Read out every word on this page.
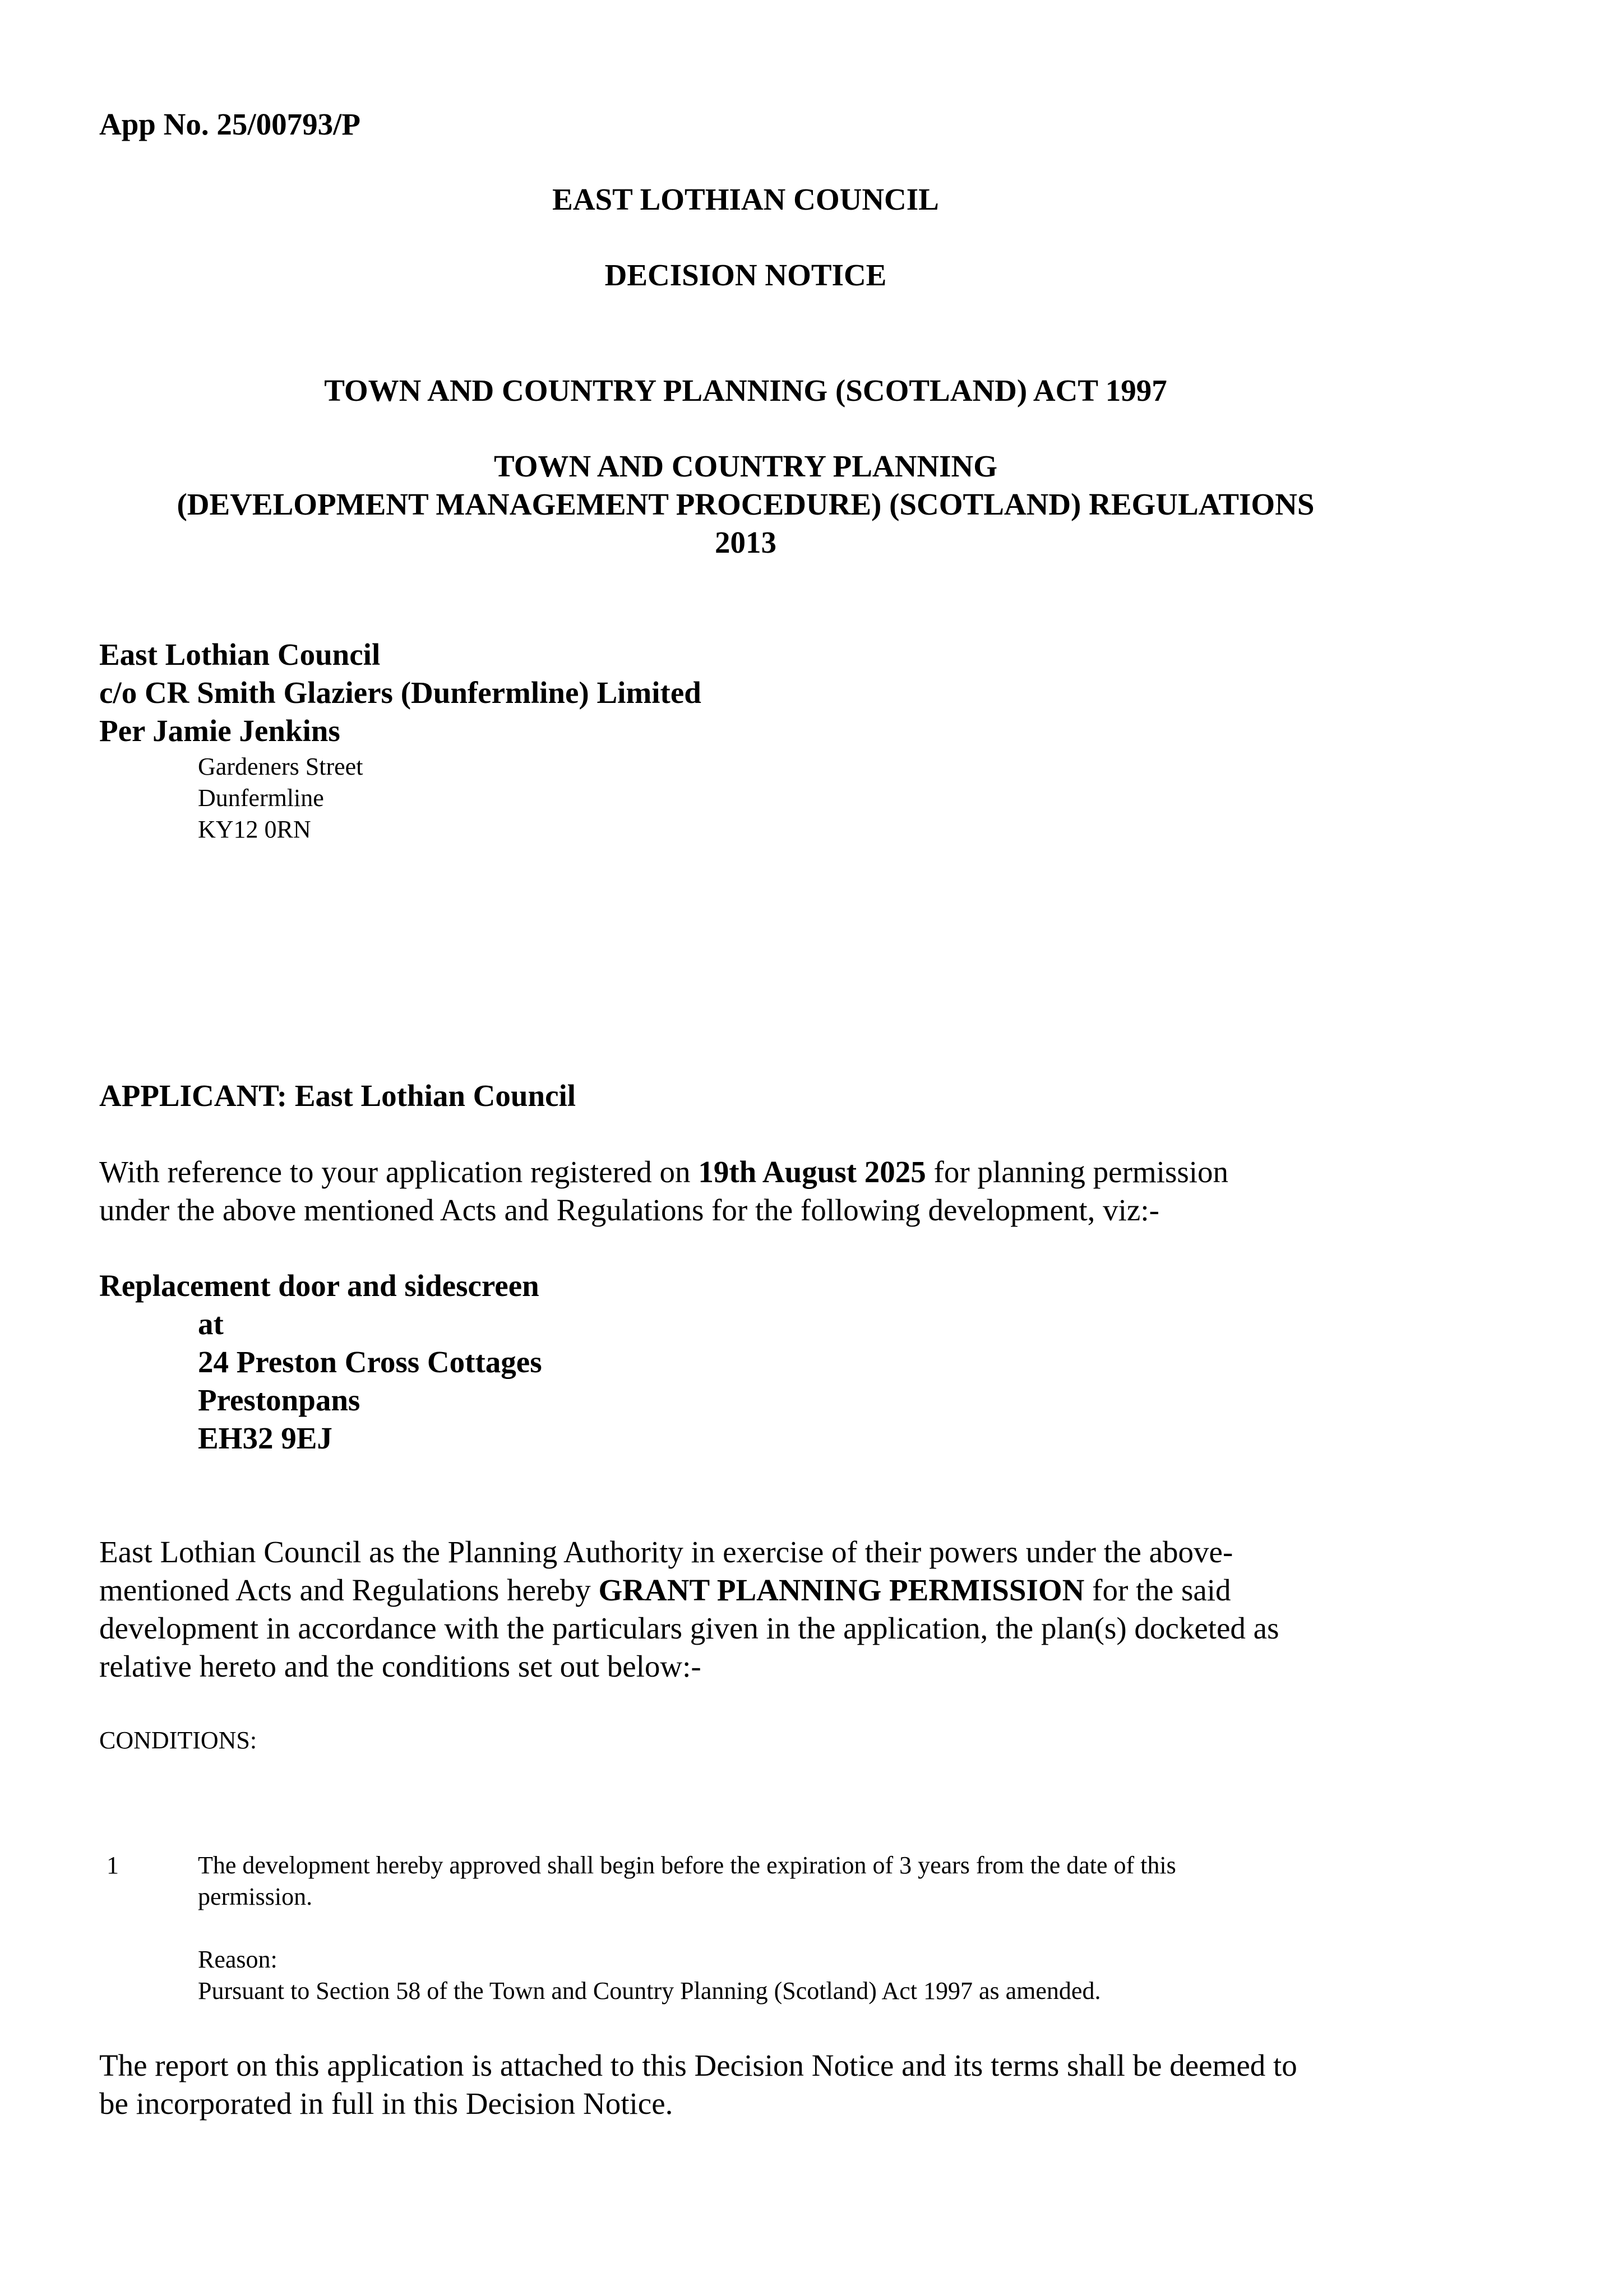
App No. 25/00793/P
EAST LOTHIAN COUNCIL
DECISION NOTICE
TOWN AND COUNTRY PLANNING (SCOTLAND) ACT 1997
TOWN AND COUNTRY PLANNING
(DEVELOPMENT MANAGEMENT PROCEDURE) (SCOTLAND) REGULATIONS
2013
East Lothian Council
c/o CR Smith Glaziers (Dunfermline) Limited
Per Jamie Jenkins
Gardeners Street
Dunfermline
KY12 0RN
APPLICANT: East Lothian Council

With reference to your application registered on 19th August 2025 for planning permission

under the above mentioned Acts and Regulations for the following development, viz:-

Replacement door and sidescreen
at
24 Preston Cross Cottages
Prestonpans
EH32 9EJ

East Lothian Council as the Planning Authority in exercise of their powers under the above-

mentioned Acts and Regulations hereby GRANT PLANNING PERMISSION for the said

development in accordance with the particulars given in the application, the plan(s) docketed as

relative hereto and the conditions set out below:-

CONDITIONS:
1	The development hereby approved shall begin before the expiration of 3 years from the date of this
permission.
Reason:
Pursuant to Section 58 of the Town and Country Planning (Scotland) Act 1997 as amended.

The report on this application is attached to this Decision Notice and its terms shall be deemed to

be incorporated in full in this Decision Notice.
